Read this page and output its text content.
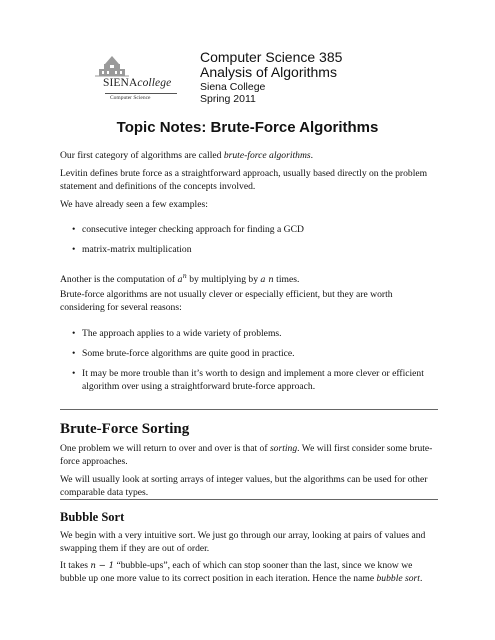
SIENAcollege
Computer Science
Computer Science 385
Analysis of Algorithms
Siena College
Spring 2011
Topic Notes: Brute-Force Algorithms

Our first category of algorithms are called brute-force algorithms.

Levitin defines brute force as a straightforward approach, usually based directly on the problem statement and definitions of the concepts involved.

We have already seen a few examples:

• consecutive integer checking approach for finding a GCD

• matrix-matrix multiplication

Another is the computation of $a^n$ by multiplying by a n times.

Brute-force algorithms are not usually clever or especially efficient, but they are worth considering for several reasons:

• The approach applies to a wide variety of problems.

• Some brute-force algorithms are quite good in practice.

• It may be more trouble than it’s worth to design and implement a more clever or efficient algorithm over using a straightforward brute-force approach.

Brute-Force Sorting

One problem we will return to over and over is that of sorting. We will first consider some brute-force approaches.

We will usually look at sorting arrays of integer values, but the algorithms can be used for other comparable data types.

Bubble Sort

We begin with a very intuitive sort. We just go through our array, looking at pairs of values and swapping them if they are out of order.

It takes n − 1 “bubble-ups”, each of which can stop sooner than the last, since we know we bubble up one more value to its correct position in each iteration. Hence the name bubble sort.
